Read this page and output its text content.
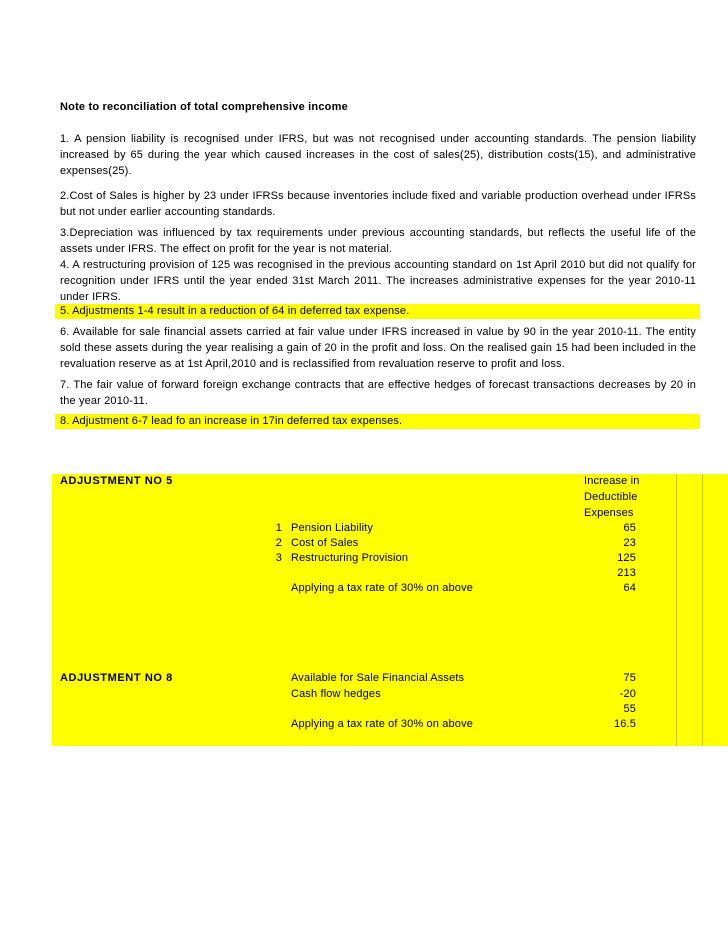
Note to reconciliation of total comprehensive income
1. A pension liability is recognised under IFRS, but was not recognised under accounting standards. The pension liability increased by 65 during the year which caused increases in the cost of sales(25), distribution costs(15), and administrative expenses(25).
2.Cost of Sales is higher by 23 under IFRSs because inventories include fixed and variable production overhead under IFRSs but not under earlier accounting standards.
3.Depreciation was influenced by tax requirements under previous accounting standards, but reflects the useful life of the assets under IFRS. The effect on profit for the year is not material.
4. A restructuring provision of 125 was recognised in the previous accounting standard on 1st April 2010 but did not qualify for recognition under IFRS until the year ended 31st March 2011. The increases administrative expenses for the year 2010-11 under IFRS.
5. Adjustments 1-4 result in a reduction of 64 in deferred tax expense.
6. Available for sale financial assets carried at fair value under IFRS increased in value by 90 in the year 2010-11. The entity sold these assets during the year realising a gain of 20 in the profit and loss. On the realised gain 15 had been included in the revaluation reserve as at 1st April,2010 and is reclassified from revaluation reserve to profit and loss.
7. The fair value of forward foreign exchange contracts that are effective hedges of forecast transactions decreases by 20 in the year 2010-11.
8. Adjustment 6-7 lead fo an increase in 17in deferred tax expenses.
ADJUSTMENT NO 5	Increase in
Deductible
Expenses
1 Pension Liability	65
2 Cost of Sales	23
3 Restructuring Provision	125
213
Applying a tax rate of 30% on above	64
ADJUSTMENT NO 8	Available for Sale Financial Assets	75
Cash flow hedges	-20
55
Applying a tax rate of 30% on above	16.5
